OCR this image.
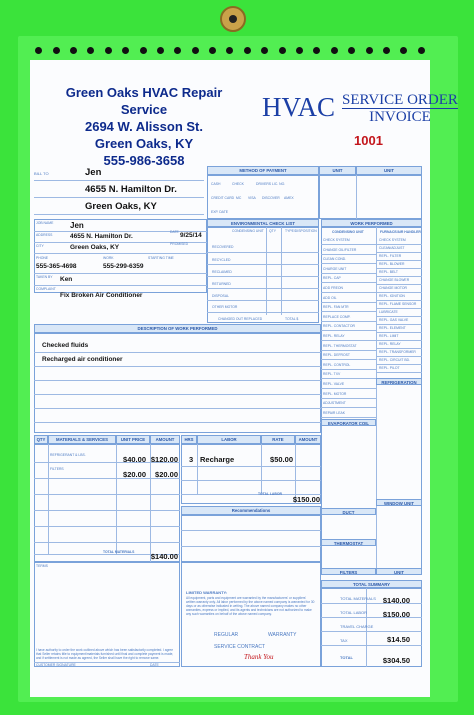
Green Oaks HVAC Repair Service
2694 W. Alisson St.
Green Oaks, KY
555-986-3658
HVAC SERVICE ORDER
INVOICE
1001
BILL TO	Jen
4655 N. Hamilton Dr.
Green Oaks, KY
METHOD OF PAYMENT
CASH	CHECK	DRIVERS LIC. NO.
CREDIT CARD MC VISA DISCOVER AMEX
EXP. DATE
UNIT	UNIT
JOB NAME Jen
ADDRESS	4655 N. Hamilton Dr.
DATE 9/25/14
CITY	Green Oaks, KY	PROMISED
PHONE	WORK	STARTING TIME
555-365-4698	555-299-6359
TAKEN BY Ken
COMPLAINT
Fix Broken Air Conditioner
ENVIRONMENTAL CHECK LIST
CONDENSING UNIT QTY	TYPE/DISPOSITION
RECOVERED
RECYCLED
RECLAIMED
RETURNED
DISPOSAL
OTHER MOTOR
CHANGED OUT REPLACED	TOTAL $
WORK PERFORMED
CONDENSING UNIT	FURNACE/AIR HANDLER
CHECK SYSTEM
CHANGE OIL/FILTER
CLEAN COND.
CHARGE UNIT
REPL. CAP
ADD FREON
ADD OIL
REPL. FAN MTR
REPLACE COMP.
REPL. CONTACTOR
REPL. RELAY
REPL. THERMOSTAT
REPL. DEFROST
REPL. CONTROL
REPL. TXV
REPL. VALVE
REPL. MOTOR
ADJUSTMENT
REPAIR LEAK
CHECK SYSTEM
CLEAN/ADJUST
REPL. FILTER
REPL. BLOWER
REPL. BELT
CHANGE BLOWER
CHANGE MOTOR
REPL. IGNITION
REPL. FLAME SENSOR
LUBRICATE
REPL. GAS VALVE
REPL. ELEMENT
REPL. LIMIT
REPL. RELAY
REPL. TRANSFORMER
REPL. CIRCUIT BD.
REPL. PILOT
REFRIGERATION
EVAPORATOR COIL
WINDOW UNIT
DUCT
THERMOSTAT
FILTERS	UNIT
DESCRIPTION OF WORK PERFORMED
Checked fluids
Recharged air conditioner
QTY	MATERIALS & SERVICES	UNIT PRICE	AMOUNT
REFRIGERANT & LBS.	$40.00 $120.00
FILTERS
$20.00	$20.00
TOTAL MATERIALS	$140.00
HRS	LABOR	RATE	AMOUNT
3 Recharge	$50.00
TOTAL LABOR
$150.00
Recommendations
TERMS
I have authority to order the work outlined above which has been satisfactorily completed. I agree that Seller retains title to equipment/materials furnished until final and complete payment is made, and if settlement is not made as agreed, the Seller shall have the right to remove same.
CUSTOMER SIGNATURE	DATE
LIMITED WARRANTY:
All equipment, parts and equipment are warranted by the manufacturers' or suppliers' written warranty only. All labor performed by the above named company is warranted for 30 days or as otherwise indicated in writing. The above named company makes no other warranties, express or implied, and its agents and technicians are not authorized to make any such warranties on behalf of the above named company.
REGULAR	WARRANTY
SERVICE CONTRACT
Thank You
TOTAL SUMMARY
TOTAL MATERIALS $140.00
TOTAL LABOR	$150.00
TRAVEL CHARGE
TAX	$14.50
TOTAL	$304.50
